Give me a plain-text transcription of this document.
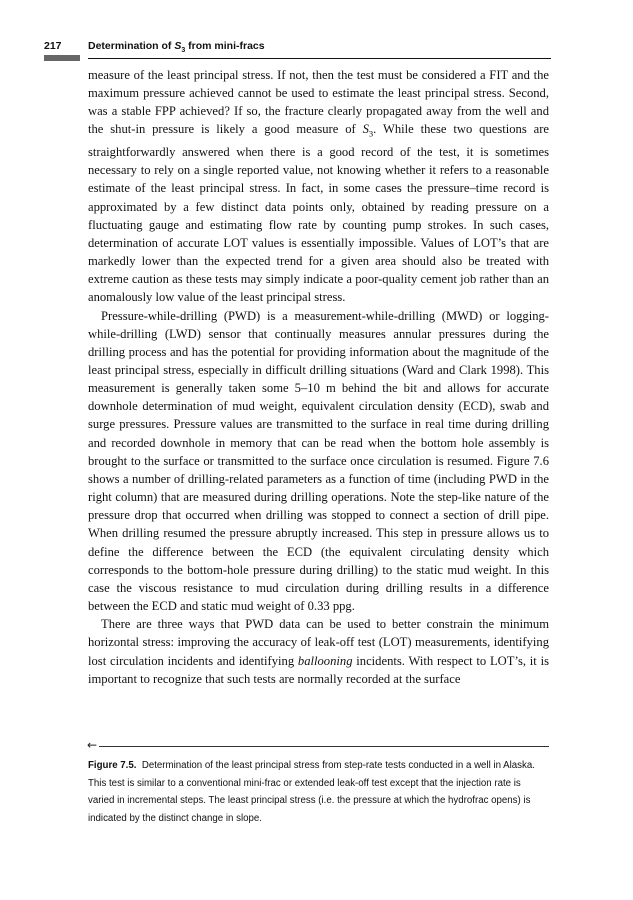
217	Determination of $S_3$ from mini-fracs

measure of the least principal stress. If not, then the test must be considered a FIT and the maximum pressure achieved cannot be used to estimate the least principal stress. Second, was a stable FPP achieved? If so, the fracture clearly propagated away from the well and the shut-in pressure is likely a good measure of $S_3$. While these two questions are straightforwardly answered when there is a good record of the test, it is sometimes necessary to rely on a single reported value, not knowing whether it refers to a reasonable estimate of the least principal stress. In fact, in some cases the pressure–time record is approximated by a few distinct data points only, obtained by reading pressure on a fluctuating gauge and estimating flow rate by counting pump strokes. In such cases, determination of accurate LOT values is essentially impossible. Values of LOT’s that are markedly lower than the expected trend for a given area should also be treated with extreme caution as these tests may simply indicate a poor-quality cement job rather than an anomalously low value of the least principal stress.

Pressure-while-drilling (PWD) is a measurement-while-drilling (MWD) or logging-while-drilling (LWD) sensor that continually measures annular pressures during the drilling process and has the potential for providing information about the magnitude of the least principal stress, especially in difficult drilling situations (Ward and Clark 1998). This measurement is generally taken some 5–10 m behind the bit and allows for accurate downhole determination of mud weight, equivalent circulation density (ECD), swab and surge pressures. Pressure values are transmitted to the surface in real time during drilling and recorded downhole in memory that can be read when the bottom hole assembly is brought to the surface or transmitted to the surface once circulation is resumed. Figure 7.6 shows a number of drilling-related parameters as a function of time (including PWD in the right column) that are measured during drilling operations. Note the step-like nature of the pressure drop that occurred when drilling was stopped to connect a section of drill pipe. When drilling resumed the pressure abruptly increased. This step in pressure allows us to define the difference between the ECD (the equivalent circulating density which corresponds to the bottom-hole pressure during drilling) to the static mud weight. In this case the viscous resistance to mud circulation during drilling results in a difference between the ECD and static mud weight of 0.33 ppg.

There are three ways that PWD data can be used to better constrain the minimum horizontal stress: improving the accuracy of leak-off test (LOT) measurements, identifying lost circulation incidents and identifying ballooning incidents. With respect to LOT’s, it is important to recognize that such tests are normally recorded at the surface

←
Figure 7.5. Determination of the least principal stress from step-rate tests conducted in a well in Alaska. This test is similar to a conventional mini-frac or extended leak-off test except that the injection rate is varied in incremental steps. The least principal stress (i.e. the pressure at which the hydrofrac opens) is indicated by the distinct change in slope.
